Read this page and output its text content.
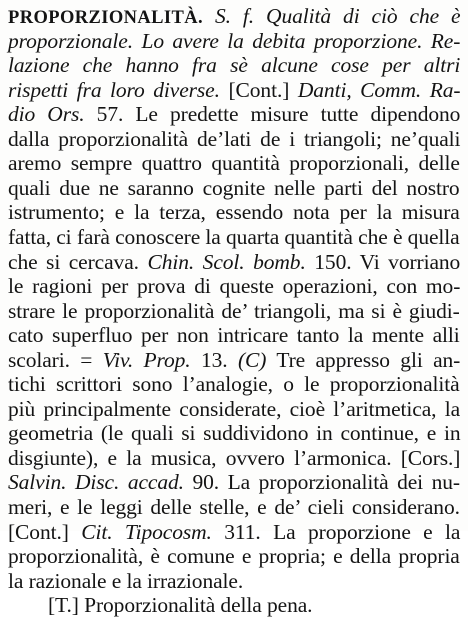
PROPORZIONALITÀ. S. f. Qualità di ciò che è
proporzionale. Lo avere la debita proporzione. Re-
lazione che hanno fra sè alcune cose per altri
rispetti fra loro diverse. [Cont.] Danti, Comm. Ra-
dio Ors. 57. Le predette misure tutte dipendono
dalla proporzionalità de’lati de i triangoli; ne’quali
aremo sempre quattro quantità proporzionali, delle
quali due ne saranno cognite nelle parti del nostro
istrumento; e la terza, essendo nota per la misura
fatta, ci farà conoscere la quarta quantità che è quella
che si cercava. Chin. Scol. bomb. 150. Vi vorriano
le ragioni per prova di queste operazioni, con mo-
strare le proporzionalità de’ triangoli, ma si è giudi-
cato superfluo per non intricare tanto la mente alli
scolari. = Viv. Prop. 13. (C) Tre appresso gli an-
tichi scrittori sono l’analogie, o le proporzionalità
più principalmente considerate, cioè l’aritmetica, la
geometria (le quali si suddividono in continue, e in
disgiunte), e la musica, ovvero l’armonica. [Cors.]
Salvin. Disc. accad. 90. La proporzionalità dei nu-
meri, e le leggi delle stelle, e de’ cieli considerano.
[Cont.] Cit. Tipocosm. 311. La proporzione e la
proporzionalità, è comune e propria; e della propria
la razionale e la irrazionale.
[T.] Proporzionalità della pena.
